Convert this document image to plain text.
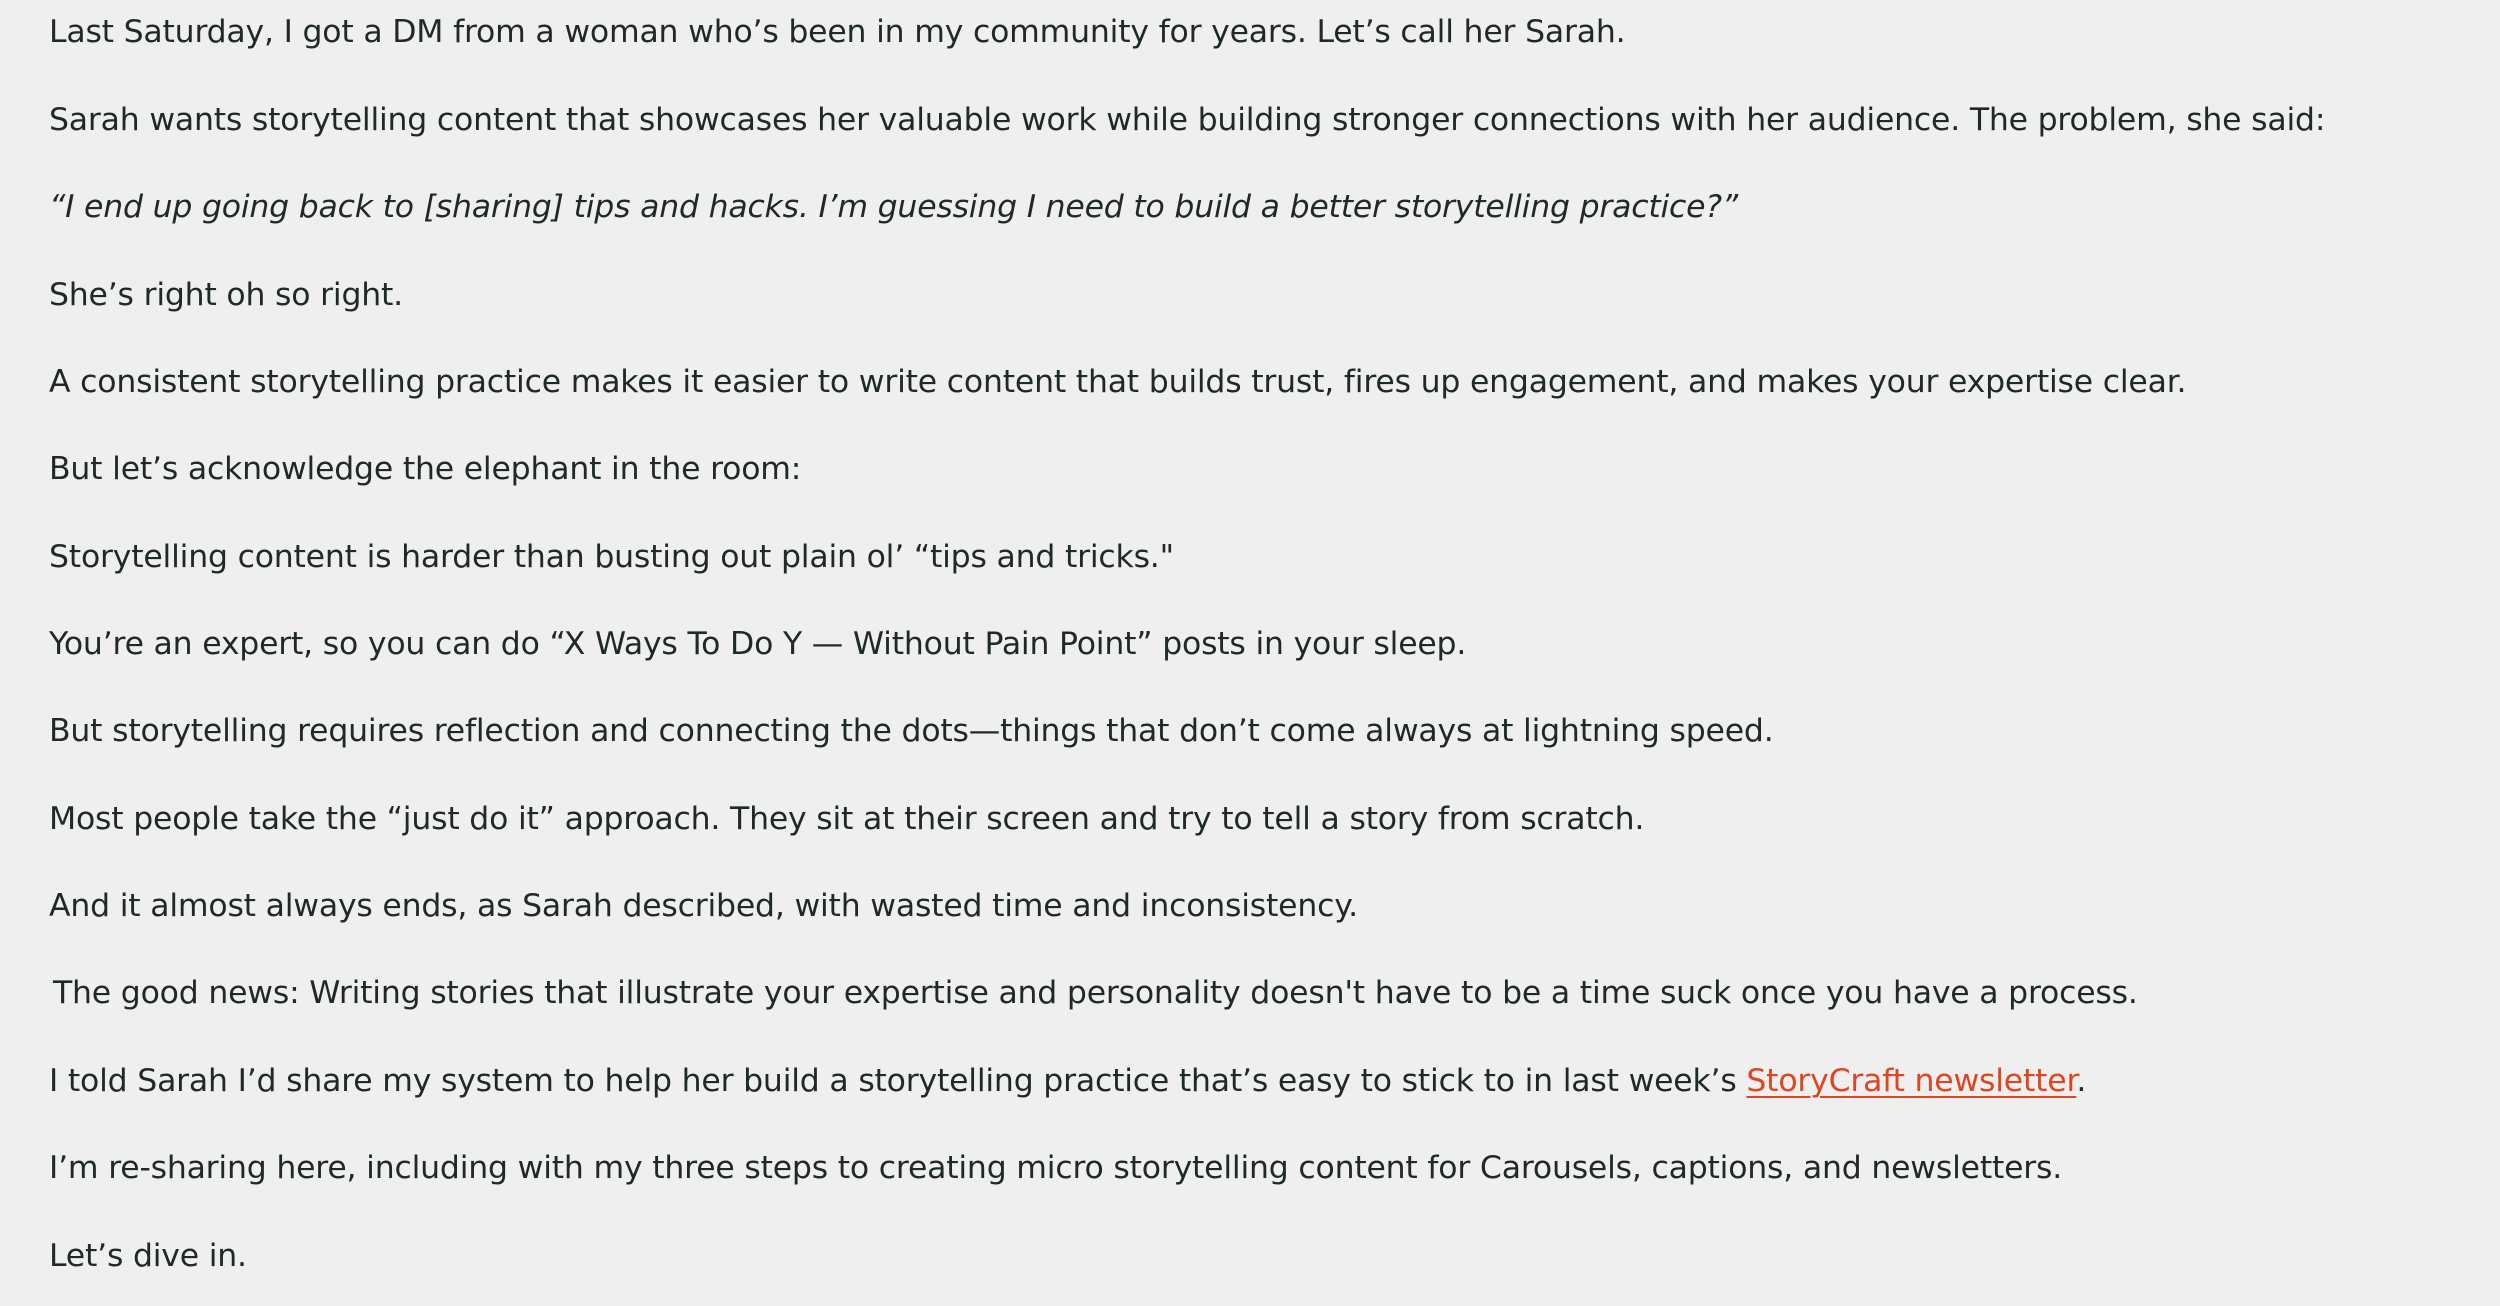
Last Saturday, I got a DM from a woman who’s been in my community for years. Let’s call her Sarah.

Sarah wants storytelling content that showcases her valuable work while building stronger connections with her audience. The problem, she said:

“I end up going back to [sharing] tips and hacks. I’m guessing I need to build a better storytelling practice?”

She’s right oh so right.

A consistent storytelling practice makes it easier to write content that builds trust, fires up engagement, and makes your expertise clear.

But let’s acknowledge the elephant in the room:

Storytelling content is harder than busting out plain ol’ “tips and tricks."

You’re an expert, so you can do “X Ways To Do Y — Without Pain Point” posts in your sleep.

But storytelling requires reflection and connecting the dots—things that don’t come always at lightning speed.

Most people take the “just do it” approach. They sit at their screen and try to tell a story from scratch.

And it almost always ends, as Sarah described, with wasted time and inconsistency.

The good news: Writing stories that illustrate your expertise and personality doesn't have to be a time suck once you have a process.

I told Sarah I’d share my system to help her build a storytelling practice that’s easy to stick to in last week’s StoryCraft newsletter.

I’m re-sharing here, including with my three steps to creating micro storytelling content for Carousels, captions, and newsletters.

Let’s dive in.
